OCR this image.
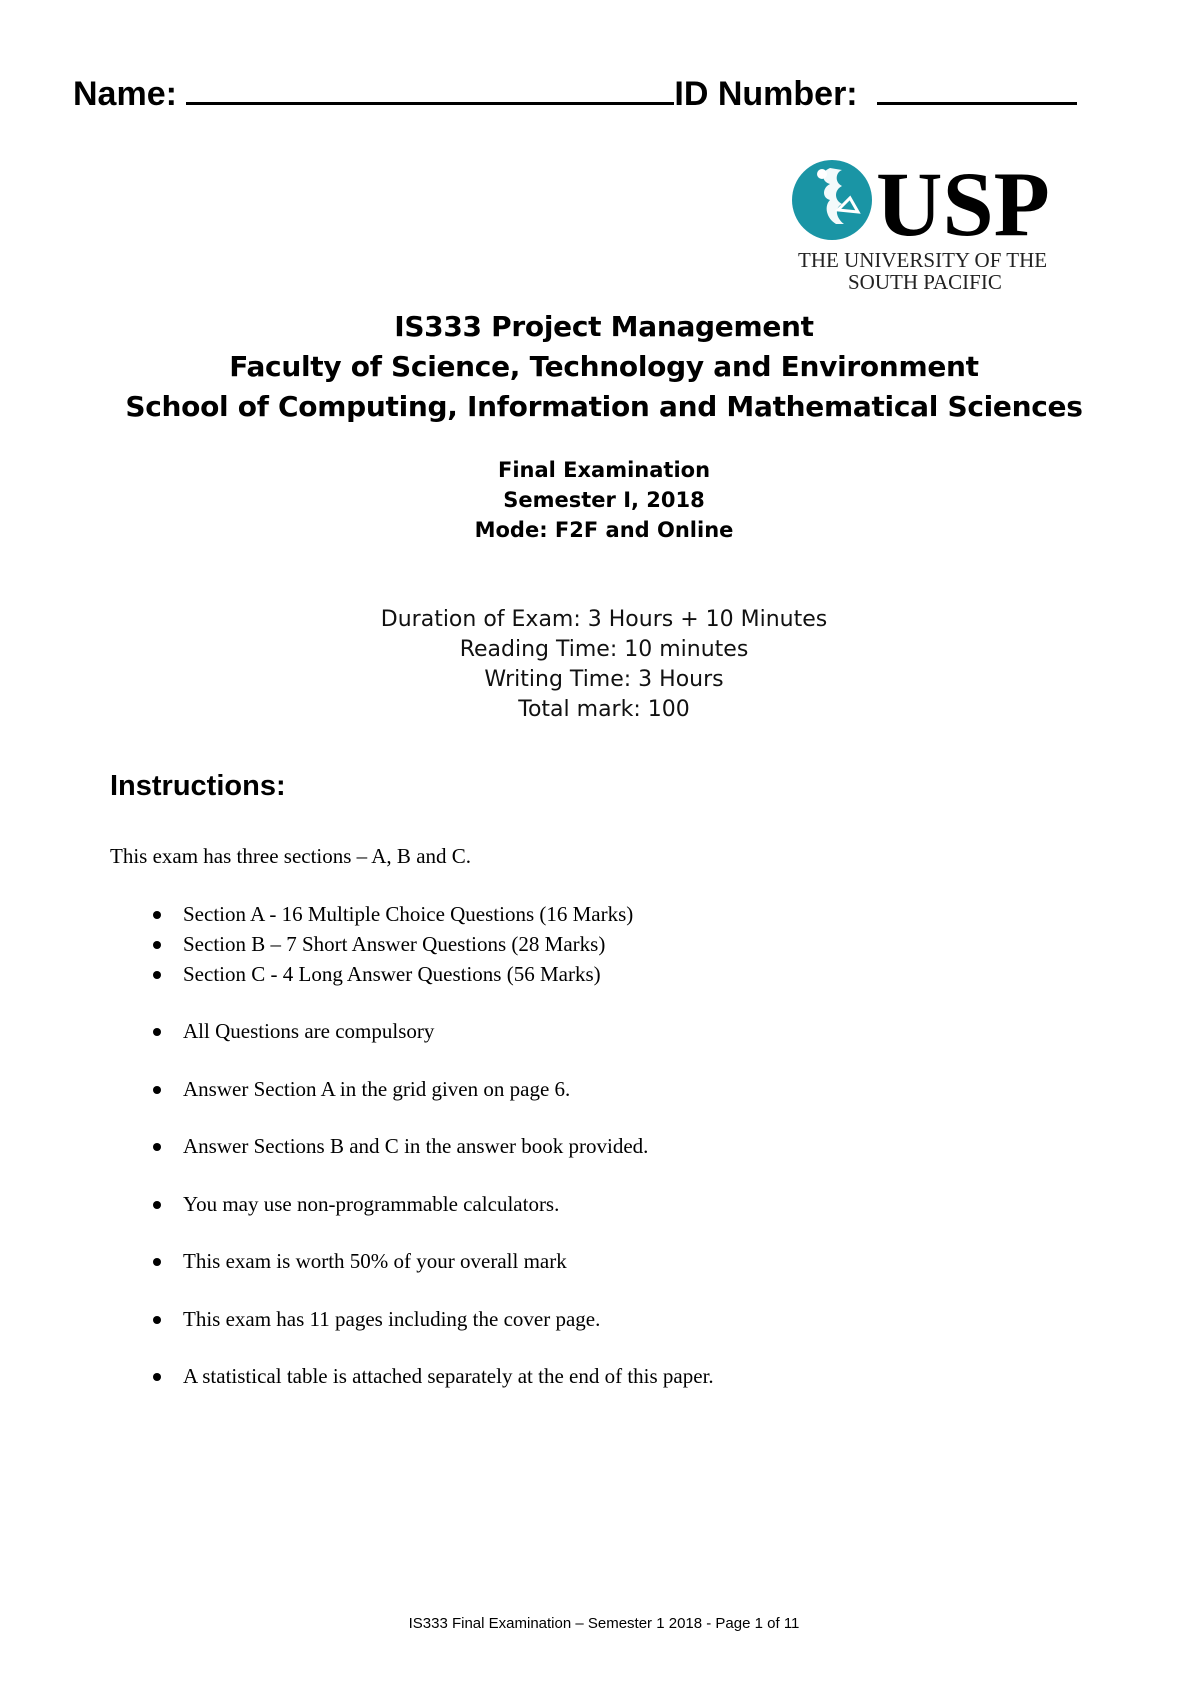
Name:	ID Number:
USP
THE UNIVERSITY OF THE
SOUTH PACIFIC
IS333 Project Management
Faculty of Science, Technology and Environment
School of Computing, Information and Mathematical Sciences
Final Examination
Semester I, 2018
Mode: F2F and Online
Duration of Exam: 3 Hours + 10 Minutes
Reading Time: 10 minutes
Writing Time: 3 Hours
Total mark: 100
Instructions:
This exam has three sections – A, B and C.
Section A - 16 Multiple Choice Questions (16 Marks)
Section B – 7 Short Answer Questions (28 Marks)
Section C - 4 Long Answer Questions (56 Marks)
All Questions are compulsory
Answer Section A in the grid given on page 6.
Answer Sections B and C in the answer book provided.
You may use non-programmable calculators.
This exam is worth 50% of your overall mark
This exam has 11 pages including the cover page.
A statistical table is attached separately at the end of this paper.
IS333 Final Examination – Semester 1 2018 - Page 1 of 11
